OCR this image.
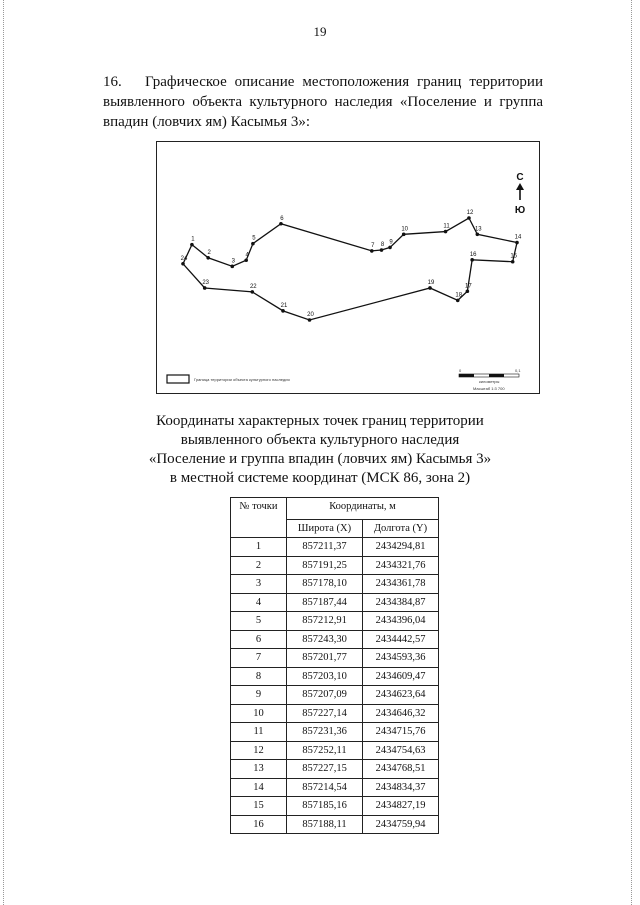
19
16. Графическое описание местоположения границ территории выявленного объекта культурного наследия «Поселение и группа впадин (ловчих ям) Касымья 3»:
1
2
3
4
5
6
7 8 9
10	11
12
13
14
15
16
17
18
19
20
21
22
23
24
С
Ю
Граница территории объекта культурного наследия
0	0,1
километры
Масштаб 1:3 700
Координаты характерных точек границ территории
выявленного объекта культурного наследия
«Поселение и группа впадин (ловчих ям) Касымья 3»
в местной системе координат (МСК 86, зона 2)
№ точки	Координаты, м	
	Широта (X)	Долгота (Y)
1	857211,37	2434294,81
2	857191,25	2434321,76
3	857178,10	2434361,78
4	857187,44	2434384,87
5	857212,91	2434396,04
6	857243,30	2434442,57
7	857201,77	2434593,36
8	857203,10	2434609,47
9	857207,09	2434623,64
10	857227,14	2434646,32
11	857231,36	2434715,76
12	857252,11	2434754,63
13	857227,15	2434768,51
14	857214,54	2434834,37
15	857185,16	2434827,19
16	857188,11	2434759,94
